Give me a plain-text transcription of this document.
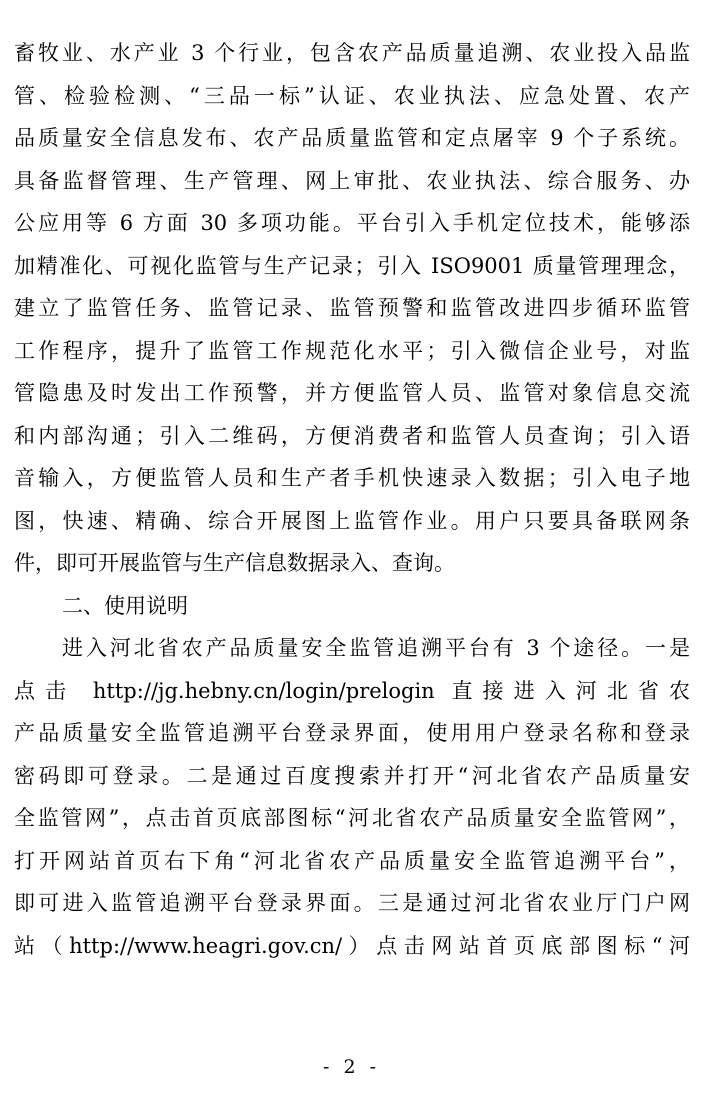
畜牧业、水产业 3 个行业，包含农产品质量追溯、农业投入品监
管、检验检测、“三品一标”认证、农业执法、应急处置、农产
品质量安全信息发布、农产品质量监管和定点屠宰 9 个子系统。
具备监督管理、生产管理、网上审批、农业执法、综合服务、办
公应用等 6 方面 30 多项功能。平台引入手机定位技术，能够添
加精准化、可视化监管与生产记录；引入 ISO9001 质量管理理念，
建立了监管任务、监管记录、监管预警和监管改进四步循环监管
工作程序，提升了监管工作规范化水平；引入微信企业号，对监
管隐患及时发出工作预警，并方便监管人员、监管对象信息交流
和内部沟通；引入二维码，方便消费者和监管人员查询；引入语
音输入，方便监管人员和生产者手机快速录入数据；引入电子地
图，快速、精确、综合开展图上监管作业。用户只要具备联网条
件，即可开展监管与生产信息数据录入、查询。
二、使用说明
进入河北省农产品质量安全监管追溯平台有 3 个途径。一是
点击 http://jg.hebny.cn/login/prelogin 直接进入河北省农
产品质量安全监管追溯平台登录界面，使用用户登录名称和登录
密码即可登录。二是通过百度搜索并打开“河北省农产品质量安
全监管网”，点击首页底部图标“河北省农产品质量安全监管网”，
打开网站首页右下角“河北省农产品质量安全监管追溯平台”，
即可进入监管追溯平台登录界面。三是通过河北省农业厅门户网
站（http://www.heagri.gov.cn/）点击网站首页底部图标“河
- 2 -
